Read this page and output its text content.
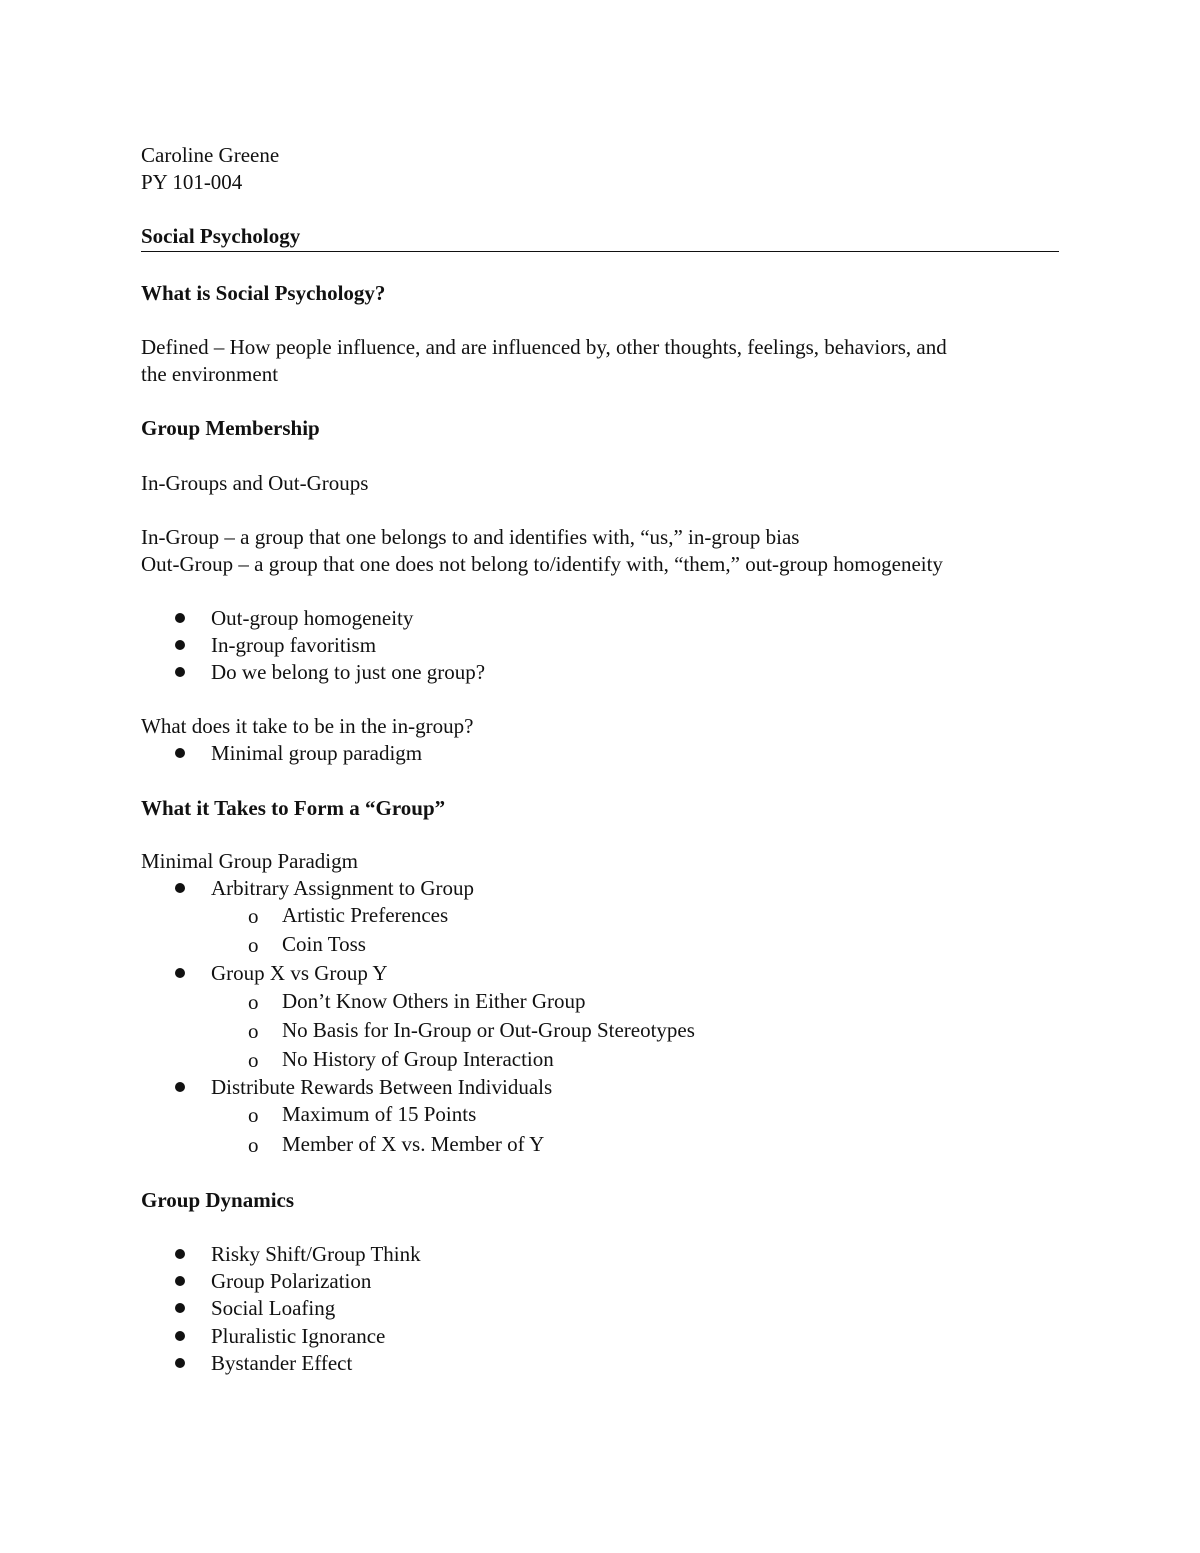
Caroline Greene
PY 101-004
Social Psychology
What is Social Psychology?
Defined – How people influence, and are influenced by, other thoughts, feelings, behaviors, and
the environment
Group Membership
In-Groups and Out-Groups
In-Group – a group that one belongs to and identifies with, “us,” in-group bias
Out-Group – a group that one does not belong to/identify with, “them,” out-group homogeneity
Out-group homogeneity
In-group favoritism
Do we belong to just one group?
What does it take to be in the in-group?
Minimal group paradigm
What it Takes to Form a “Group”
Minimal Group Paradigm
Arbitrary Assignment to Group
o Artistic Preferences
o Coin Toss
Group X vs Group Y
o Don’t Know Others in Either Group
o No Basis for In-Group or Out-Group Stereotypes
o No History of Group Interaction
Distribute Rewards Between Individuals
o Maximum of 15 Points
o Member of X vs. Member of Y
Group Dynamics
Risky Shift/Group Think
Group Polarization
Social Loafing
Pluralistic Ignorance
Bystander Effect
